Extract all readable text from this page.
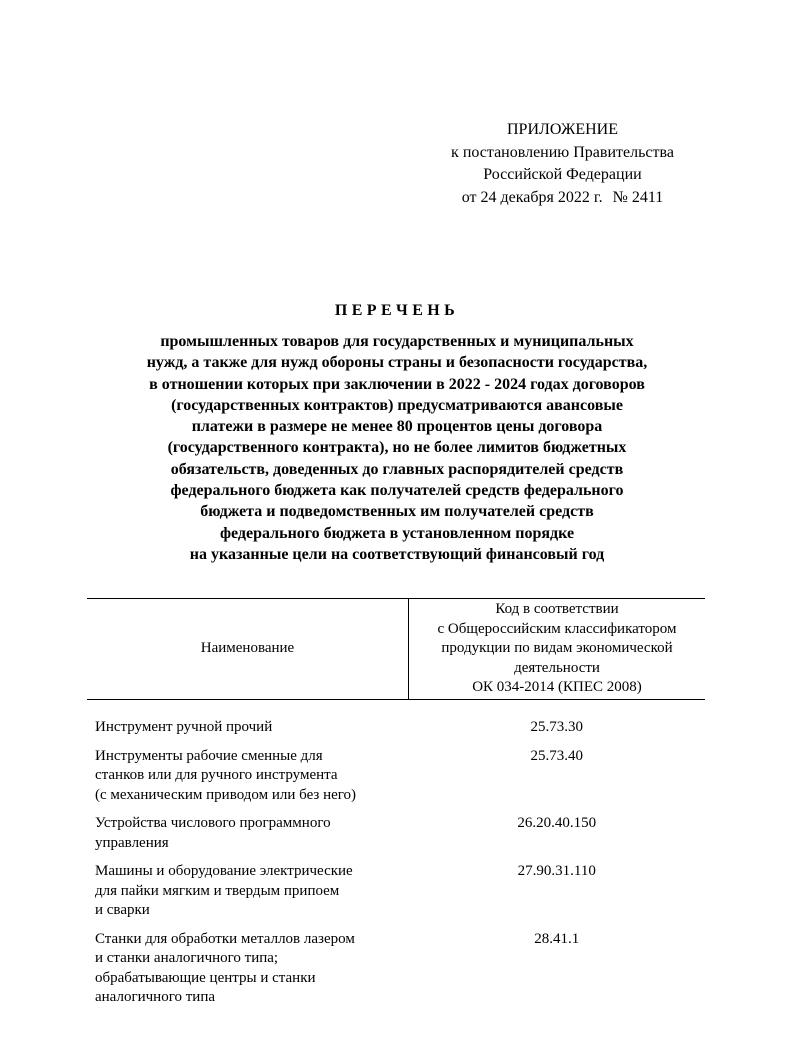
ПРИЛОЖЕНИЕ
к постановлению Правительства
Российской Федерации
от 24 декабря 2022 г. № 2411
ПЕРЕЧЕНЬ
промышленных товаров для государственных и муниципальных
нужд, а также для нужд обороны страны и безопасности государства,
в отношении которых при заключении в 2022 - 2024 годах договоров
(государственных контрактов) предусматриваются авансовые
платежи в размере не менее 80 процентов цены договора
(государственного контракта), но не более лимитов бюджетных
обязательств, доведенных до главных распорядителей средств
федерального бюджета как получателей средств федерального
бюджета и подведомственных им получателей средств
федерального бюджета в установленном порядке
на указанные цели на соответствующий финансовый год
Наименование	Код в соответствии
с Общероссийским классификатором
продукции по видам экономической
деятельности
ОК 034-2014 (КПЕС 2008)

Инструмент ручной прочий	25.73.30

Инструменты рабочие сменные для
станков или для ручного инструмента
(с механическим приводом или без него)	25.73.40

Устройства числового программного
управления	26.20.40.150

Машины и оборудование электрические
для пайки мягким и твердым припоем
и сварки	27.90.31.110

Станки для обработки металлов лазером
и станки аналогичного типа;
обрабатывающие центры и станки
аналогичного типа	28.41.1
